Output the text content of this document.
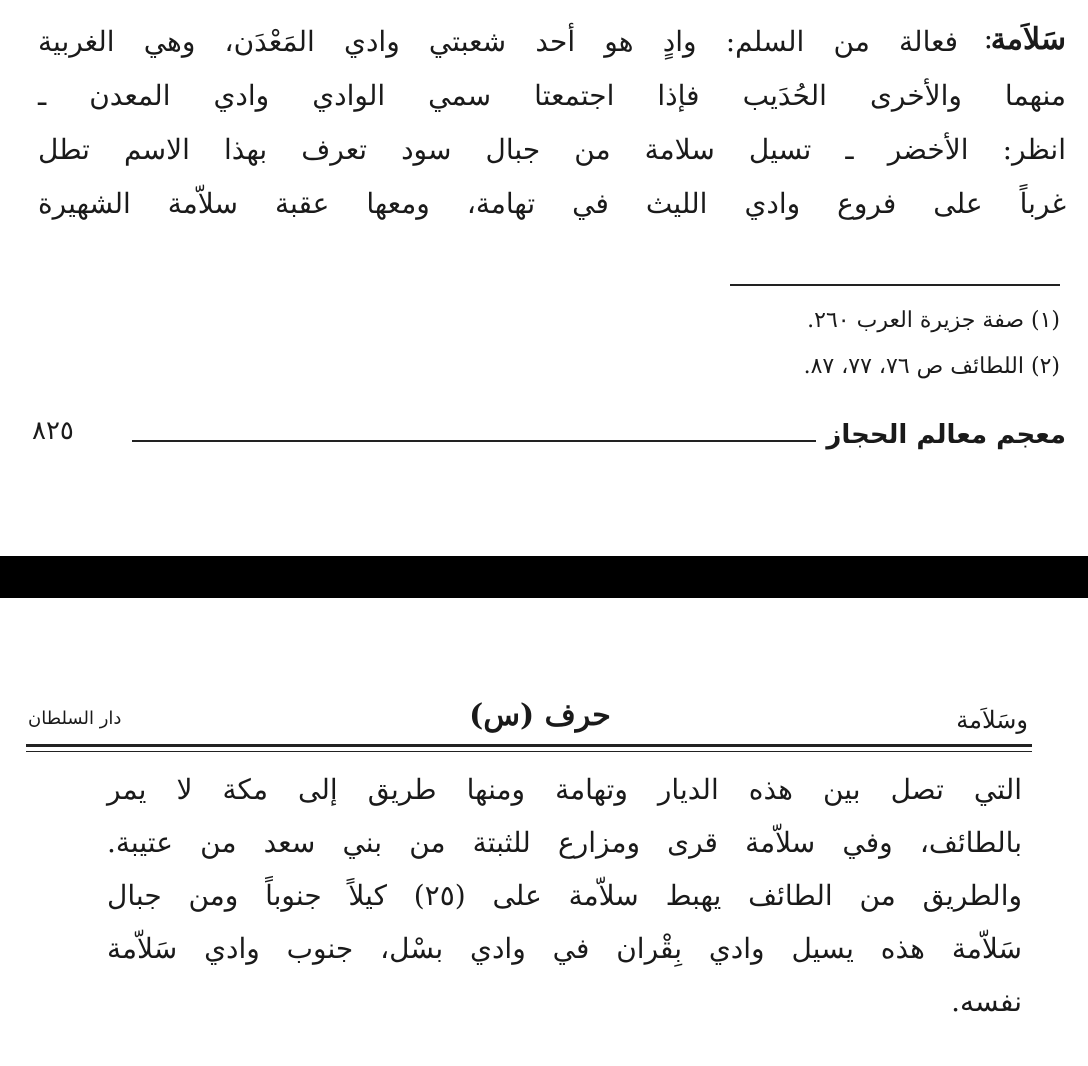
سَلاَمة
:
فعالة من السلم: وادٍ هو أحد شعبتي وادي المَعْدَن، وهي الغربية
منهما والأخرى الحُدَيب فإذا اجتمعتا سمي الوادي وادي المعدن ـ
انظر: الأخضر ـ تسيل سلامة من جبال سود تعرف بهذا الاسم تطل
غرباً على فروع وادي الليث في تهامة، ومعها عقبة سلاّمة الشهيرة
(١) صفة جزيرة العرب ٢٦٠.
(٢) اللطائف ص ٧٦، ٧٧، ٨٧.
معجم معالم الحجاز
٨٢٥
وسَلاَمة
حرف (س)
دار السلطان
التي تصل بين هذه الديار وتهامة ومنها طريق إلى مكة لا يمر
بالطائف، وفي سلاّمة قرى ومزارع للثبتة من بني سعد من عتيبة.
والطريق من الطائف يهبط سلاّمة على (٢٥) كيلاً جنوباً ومن جبال
سَلاّمة هذه يسيل وادي بِقْران في وادي بسْل، جنوب وادي سَلاّمة
نفسه.
